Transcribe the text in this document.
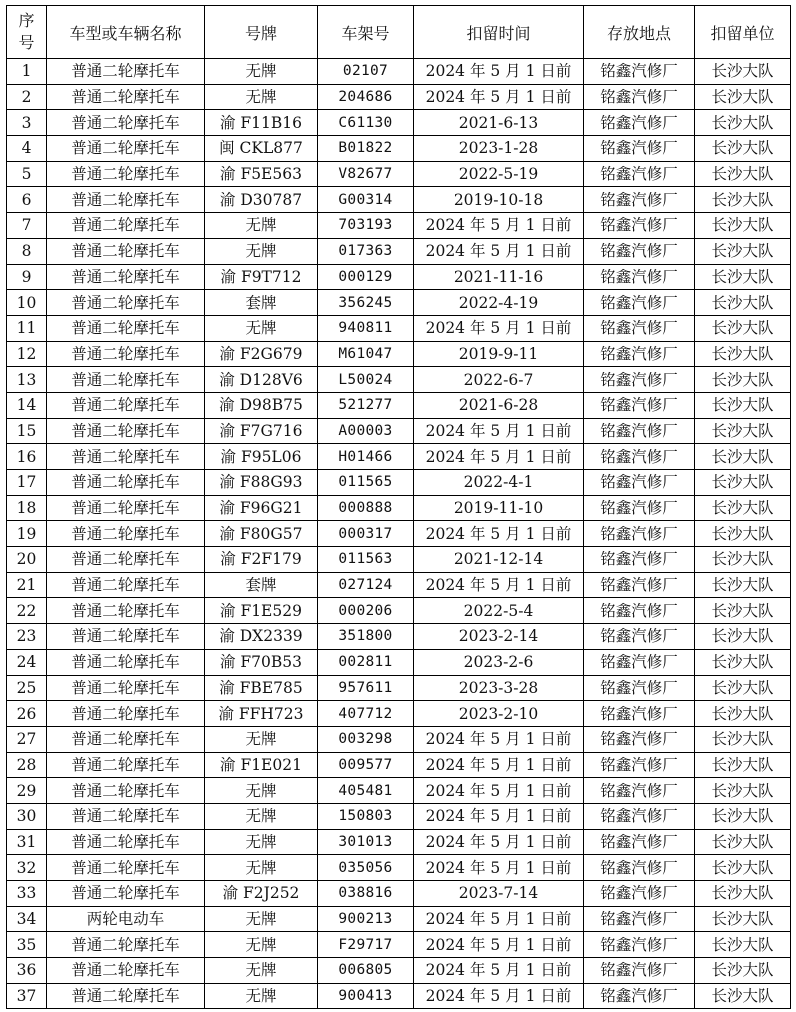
序
号	车型或车辆名称	号牌	车架号	扣留时间	存放地点	扣留单位
1	普通二轮摩托车	无牌	02107	2024 年 5 月 1 日前	铭鑫汽修厂	长沙大队
2	普通二轮摩托车	无牌	204686	2024 年 5 月 1 日前	铭鑫汽修厂	长沙大队
3	普通二轮摩托车	渝 F11B16	C61130	2021-6-13	铭鑫汽修厂	长沙大队
4	普通二轮摩托车	闽 CKL877	B01822	2023-1-28	铭鑫汽修厂	长沙大队
5	普通二轮摩托车	渝 F5E563	V82677	2022-5-19	铭鑫汽修厂	长沙大队
6	普通二轮摩托车	渝 D30787	G00314	2019-10-18	铭鑫汽修厂	长沙大队
7	普通二轮摩托车	无牌	703193	2024 年 5 月 1 日前	铭鑫汽修厂	长沙大队
8	普通二轮摩托车	无牌	017363	2024 年 5 月 1 日前	铭鑫汽修厂	长沙大队
9	普通二轮摩托车	渝 F9T712	000129	2021-11-16	铭鑫汽修厂	长沙大队
10	普通二轮摩托车	套牌	356245	2022-4-19	铭鑫汽修厂	长沙大队
11	普通二轮摩托车	无牌	940811	2024 年 5 月 1 日前	铭鑫汽修厂	长沙大队
12	普通二轮摩托车	渝 F2G679	M61047	2019-9-11	铭鑫汽修厂	长沙大队
13	普通二轮摩托车	渝 D128V6	L50024	2022-6-7	铭鑫汽修厂	长沙大队
14	普通二轮摩托车	渝 D98B75	521277	2021-6-28	铭鑫汽修厂	长沙大队
15	普通二轮摩托车	渝 F7G716	A00003	2024 年 5 月 1 日前	铭鑫汽修厂	长沙大队
16	普通二轮摩托车	渝 F95L06	H01466	2024 年 5 月 1 日前	铭鑫汽修厂	长沙大队
17	普通二轮摩托车	渝 F88G93	011565	2022-4-1	铭鑫汽修厂	长沙大队
18	普通二轮摩托车	渝 F96G21	000888	2019-11-10	铭鑫汽修厂	长沙大队
19	普通二轮摩托车	渝 F80G57	000317	2024 年 5 月 1 日前	铭鑫汽修厂	长沙大队
20	普通二轮摩托车	渝 F2F179	011563	2021-12-14	铭鑫汽修厂	长沙大队
21	普通二轮摩托车	套牌	027124	2024 年 5 月 1 日前	铭鑫汽修厂	长沙大队
22	普通二轮摩托车	渝 F1E529	000206	2022-5-4	铭鑫汽修厂	长沙大队
23	普通二轮摩托车	渝 DX2339	351800	2023-2-14	铭鑫汽修厂	长沙大队
24	普通二轮摩托车	渝 F70B53	002811	2023-2-6	铭鑫汽修厂	长沙大队
25	普通二轮摩托车	渝 FBE785	957611	2023-3-28	铭鑫汽修厂	长沙大队
26	普通二轮摩托车	渝 FFH723	407712	2023-2-10	铭鑫汽修厂	长沙大队
27	普通二轮摩托车	无牌	003298	2024 年 5 月 1 日前	铭鑫汽修厂	长沙大队
28	普通二轮摩托车	渝 F1E021	009577	2024 年 5 月 1 日前	铭鑫汽修厂	长沙大队
29	普通二轮摩托车	无牌	405481	2024 年 5 月 1 日前	铭鑫汽修厂	长沙大队
30	普通二轮摩托车	无牌	150803	2024 年 5 月 1 日前	铭鑫汽修厂	长沙大队
31	普通二轮摩托车	无牌	301013	2024 年 5 月 1 日前	铭鑫汽修厂	长沙大队
32	普通二轮摩托车	无牌	035056	2024 年 5 月 1 日前	铭鑫汽修厂	长沙大队
33	普通二轮摩托车	渝 F2J252	038816	2023-7-14	铭鑫汽修厂	长沙大队
34	两轮电动车	无牌	900213	2024 年 5 月 1 日前	铭鑫汽修厂	长沙大队
35	普通二轮摩托车	无牌	F29717	2024 年 5 月 1 日前	铭鑫汽修厂	长沙大队
36	普通二轮摩托车	无牌	006805	2024 年 5 月 1 日前	铭鑫汽修厂	长沙大队
37	普通二轮摩托车	无牌	900413	2024 年 5 月 1 日前	铭鑫汽修厂	长沙大队
